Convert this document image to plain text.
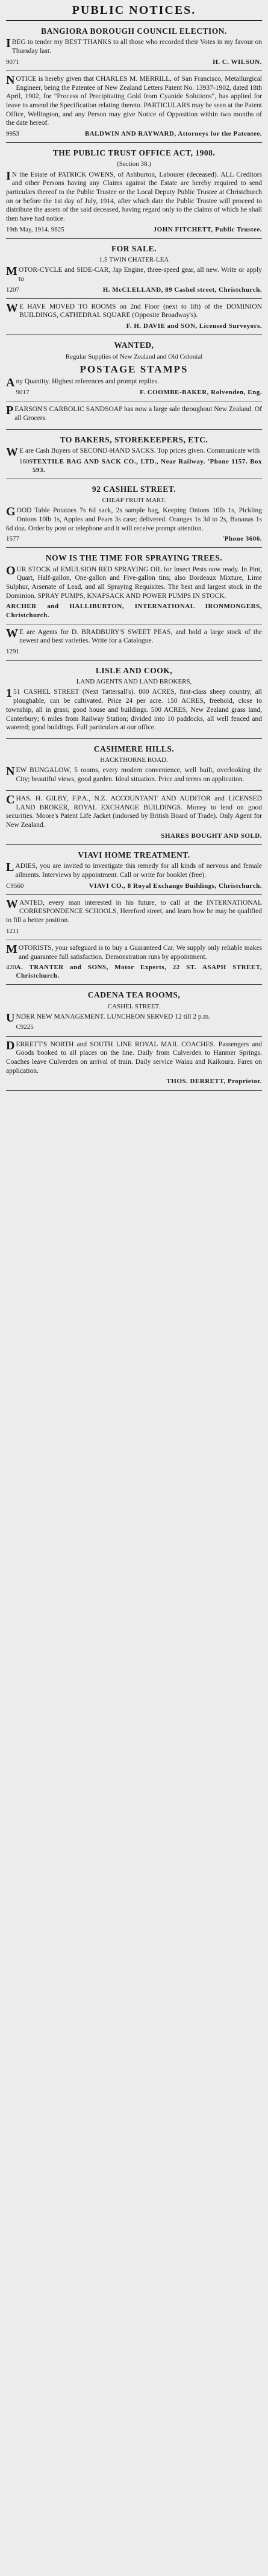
PUBLIC NOTICES.
BANGIORA BOROUGH COUNCIL ELECTION.

IBEG to tender my BEST THANKS to all those who recorded their Votes in my favour on Thursday last.

9071	H. C. WILSON.

NOTICE is hereby given that CHARLES M. MERRILL, of San Francisco, Metallurgical Engineer, being the Patentee of New Zealand Letters Patent No. 13937-1902, dated 18th April, 1902, for "Process of Precipitating Gold from Cyanide Solutions", has applied for leave to amend the Specification relating thereto. PARTICULARS may be seen at the Patent Office, Wellington, and any Person may give Notice of Opposition within two months of the date hereof.

9953	BALDWIN AND RAYWARD, Attorneys for the Patentee.
THE PUBLIC TRUST OFFICE ACT, 1908.
(Section 38.)

IN the Estate of PATRICK OWENS, of Ashburton, Labourer (deceased). ALL Creditors and other Persons having any Claims against the Estate are hereby required to send particulars thereof to the Public Trustee or the Local Deputy Public Trustee at Christchurch on or before the 1st day of July, 1914, after which date the Public Trustee will proceed to distribute the assets of the said deceased, having regard only to the claims of which he shall then have had notice.

19th May, 1914. 9625	JOHN FITCHETT, Public Trustee.
FOR SALE.
1.5 TWIN CHATER-LEA

MOTOR-CYCLE and SIDE-CAR, Jap Engine, three-speed gear, all new. Write or apply to

1207	H. McCLELLAND, 89 Cashel street, Christchurch.

WE HAVE MOVED TO ROOMS on 2nd Floor (next to lift) of the DOMINION BUILDINGS, CATHEDRAL SQUARE (Opposite Broadway's).

F. H. DAVIE and SON, Licensed Surveyors.
WANTED,
Regular Supplies of New Zealand and Old Colonial
POSTAGE STAMPS

Any Quantity. Highest references and prompt replies.

9017	F. COOMBE-BAKER, Rolvenden, Eng.

PEARSON'S CARBOLIC SANDSOAP has now a large sale throughout New Zealand. Of all Grocers.

TO BAKERS, STOREKEEPERS, ETC.

WE are Cash Buyers of SECOND-HAND SACKS. Top prices given. Communicate with

1609 TEXTILE BAG AND SACK CO., LTD., Near Railway. 'Phone 1157. Box 593.
92 CASHEL STREET.
CHEAP FRUIT MART.

GOOD Table Potatoes 7s 6d sack, 2s sample bag, Keeping Onions 10lb 1s, Pickling Onions 10lb 1s, Apples and Pears 3s case; delivered. Oranges 1s 3d to 2s, Bananas 1s 6d doz. Order by post or telephone and it will receive prompt attention.

1577	'Phone 3606.
NOW IS THE TIME FOR SPRAYING TREES.

OUR STOCK of EMULSION RED SPRAYING OIL for Insect Pests now ready. In Pint, Quart, Half-gallon, One-gallon and Five-gallon tins; also Bordeaux Mixture, Lime Sulphur, Arsenate of Lead, and all Spraying Requisites. The best and largest stock in the Dominion. SPRAY PUMPS, KNAPSACK AND POWER PUMPS IN STOCK.

ARCHER and HALLIBURTON, INTERNATIONAL IRONMONGERS, Christchurch.

WE are Agents for D. BRADBURY'S SWEET PEAS, and hold a large stock of the newest and best varieties. Write for a Catalogue.

1291
LISLE AND COOK,
LAND AGENTS AND LAND BROKERS,

151 CASHEL STREET (Next Tattersall's). 800 ACRES, first-class sheep country, all ploughable, can be cultivated. Price 24 per acre. 150 ACRES, freehold, close to township, all in grass; good house and buildings. 500 ACRES, New Zealand grass land, Canterbury; 6 miles from Railway Station; divided into 10 paddocks, all well fenced and watered; good buildings. Full particulars at our office.

CASHMERE HILLS.
HACKTHORNE ROAD.

NEW BUNGALOW, 5 rooms, every modern convenience, well built, overlooking the City; beautiful views, good garden. Ideal situation. Price and terms on application.

CHAS. H. GILBY, F.P.A., N.Z. ACCOUNTANT AND AUDITOR and LICENSED LAND BROKER, ROYAL EXCHANGE BUILDINGS. Money to lend on good securities. Moore's Patent Life Jacket (indorsed by British Board of Trade). Only Agent for New Zealand.

SHARES BOUGHT AND SOLD.
VIAVI HOME TREATMENT.

LADIES, you are invited to investigate this remedy for all kinds of nervous and female ailments. Interviews by appointment. Call or write for booklet (free).

C9560	VIAVI CO., 8 Royal Exchange Buildings, Christchurch.

WANTED, every man interested in his future, to call at the INTERNATIONAL CORRESPONDENCE SCHOOLS, Hereford street, and learn how he may be qualified to fill a better position.

1211

MOTORISTS, your safeguard is to buy a Guaranteed Car. We supply only reliable makes and guarantee full satisfaction. Demonstration runs by appointment.

420 A. TRANTER and SONS, Motor Experts, 22 ST. ASAPH STREET, Christchurch.
CADENA TEA ROOMS,
CASHEL STREET.

UNDER NEW MANAGEMENT. LUNCHEON SERVED 12 till 2 p.m.

C9225

DERRETT'S NORTH and SOUTH LINE ROYAL MAIL COACHES. Passengers and Goods booked to all places on the line. Daily from Culverden to Hanmer Springs. Coaches leave Culverden on arrival of train. Daily service Waiau and Kaikoura. Fares on application.

THOS. DERRETT, Proprietor.
